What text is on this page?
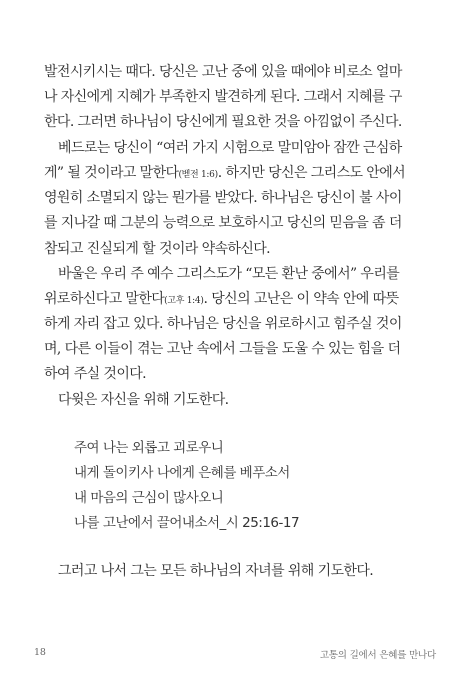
발전시키시는 때다. 당신은 고난 중에 있을 때에야 비로소 얼마
나 자신에게 지혜가 부족한지 발견하게 된다. 그래서 지혜를 구
한다. 그러면 하나님이 당신에게 필요한 것을 아낌없이 주신다.
베드로는 당신이 “여러 가지 시험으로 말미암아 잠깐 근심하
게” 될 것이라고 말한다(벧전 1:6). 하지만 당신은 그리스도 안에서
영원히 소멸되지 않는 뭔가를 받았다. 하나님은 당신이 불 사이
를 지나갈 때 그분의 능력으로 보호하시고 당신의 믿음을 좀 더
참되고 진실되게 할 것이라 약속하신다.
바울은 우리 주 예수 그리스도가 “모든 환난 중에서” 우리를
위로하신다고 말한다(고후 1:4). 당신의 고난은 이 약속 안에 따뜻
하게 자리 잡고 있다. 하나님은 당신을 위로하시고 힘주실 것이
며, 다른 이들이 겪는 고난 속에서 그들을 도울 수 있는 힘을 더
하여 주실 것이다.
다윗은 자신을 위해 기도한다.
주여 나는 외롭고 괴로우니
내게 돌이키사 나에게 은혜를 베푸소서
내 마음의 근심이 많사오니
나를 고난에서 끌어내소서_시 25:16-17
그러고 나서 그는 모든 하나님의 자녀를 위해 기도한다.
18	고통의 길에서 은혜를 만나다
